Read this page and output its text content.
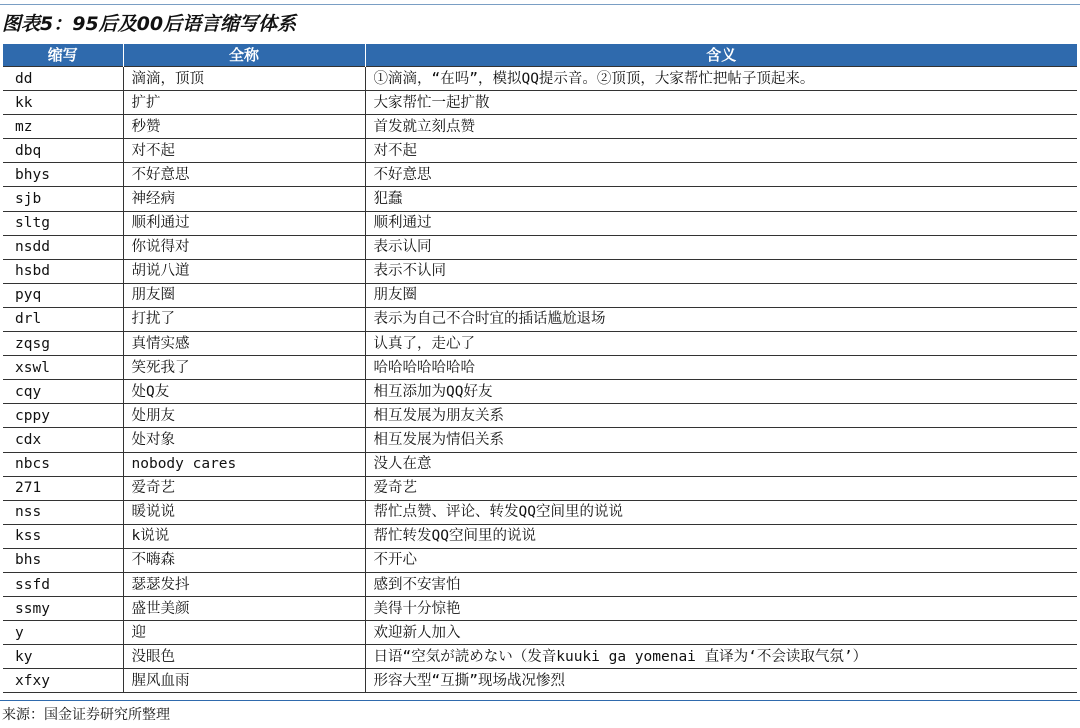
图表5：95后及00后语言缩写体系
缩写	全称	含义
dd	滴滴，顶顶	①滴滴，“在吗”，模拟QQ提示音。②顶顶，大家帮忙把帖子顶起来。
kk	扩扩	大家帮忙一起扩散
mz	秒赞	首发就立刻点赞
dbq	对不起	对不起
bhys	不好意思	不好意思
sjb	神经病	犯蠢
sltg	顺利通过	顺利通过
nsdd	你说得对	表示认同
hsbd	胡说八道	表示不认同
pyq	朋友圈	朋友圈
drl	打扰了	表示为自己不合时宜的插话尴尬退场
zqsg	真情实感	认真了，走心了
xswl	笑死我了	哈哈哈哈哈哈哈
cqy	处Q友	相互添加为QQ好友
cppy	处朋友	相互发展为朋友关系
cdx	处对象	相互发展为情侣关系
nbcs	nobody cares	没人在意
271	爱奇艺	爱奇艺
nss	暖说说	帮忙点赞、评论、转发QQ空间里的说说
kss	k说说	帮忙转发QQ空间里的说说
bhs	不嗨森	不开心
ssfd	瑟瑟发抖	感到不安害怕
ssmy	盛世美颜	美得十分惊艳
y	迎	欢迎新人加入
ky	没眼色	日语“空気が読めない（发音kuuki ga yomenai 直译为‘不会读取气氛’）
xfxy	腥风血雨	形容大型“互撕”现场战况惨烈
来源：国金证券研究所整理
